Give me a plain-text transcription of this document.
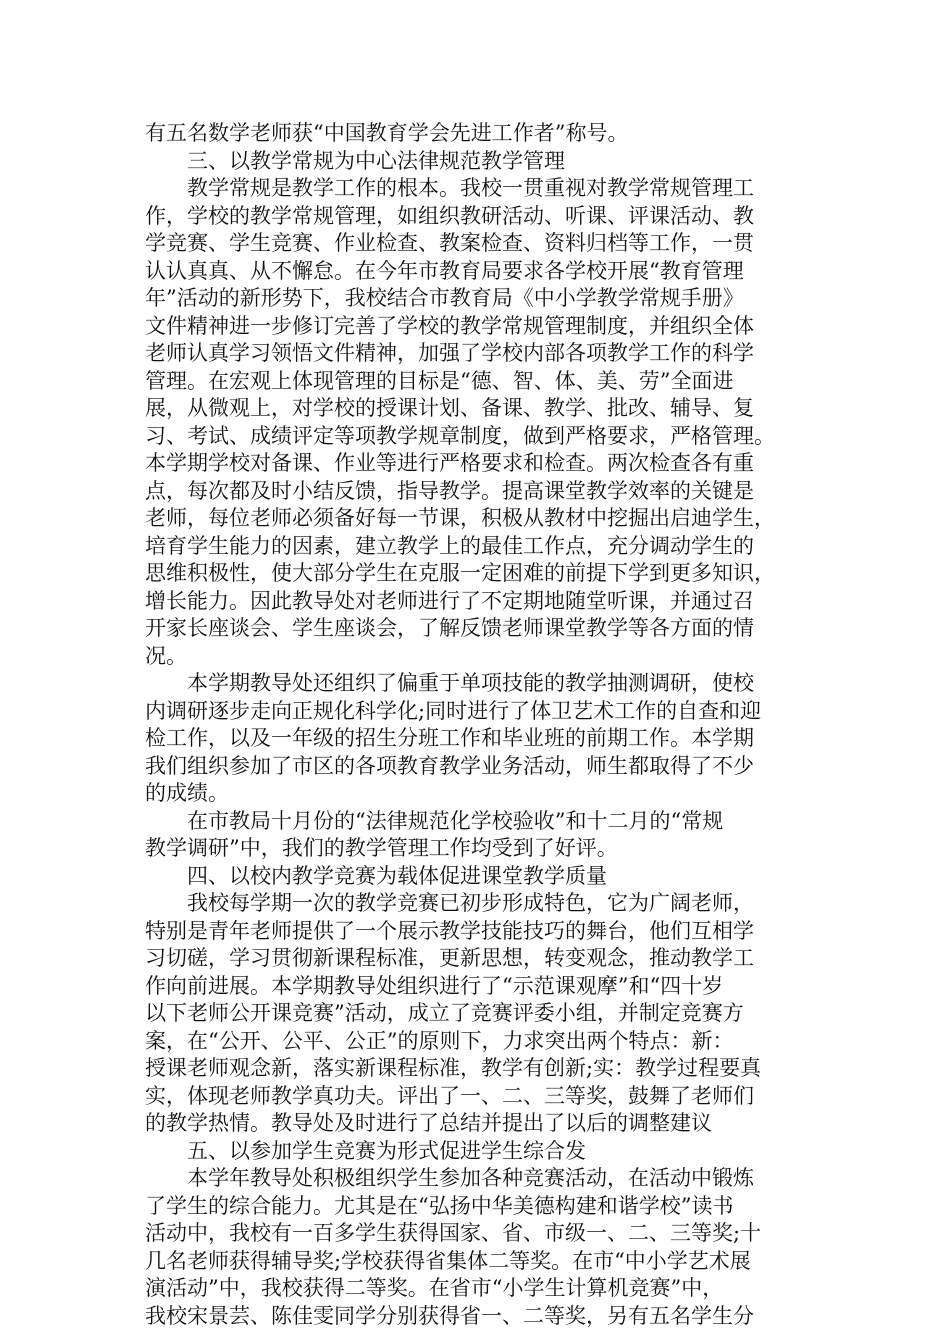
有五名数学老师获“中国教育学会先进工作者”称号。
三、以教学常规为中心法律规范教学管理
教学常规是教学工作的根本。我校一贯重视对教学常规管理工
作，学校的教学常规管理，如组织教研活动、听课、评课活动、教
学竞赛、学生竞赛、作业检查、教案检查、资料归档等工作，一贯
认认真真、从不懈怠。在今年市教育局要求各学校开展“教育管理
年”活动的新形势下，我校结合市教育局《中小学教学常规手册》
文件精神进一步修订完善了学校的教学常规管理制度，并组织全体
老师认真学习领悟文件精神，加强了学校内部各项教学工作的科学
管理。在宏观上体现管理的目标是“德、智、体、美、劳”全面进
展，从微观上，对学校的授课计划、备课、教学、批改、辅导、复
习、考试、成绩评定等项教学规章制度，做到严格要求，严格管理。
本学期学校对备课、作业等进行严格要求和检查。两次检查各有重
点，每次都及时小结反馈，指导教学。提高课堂教学效率的关键是
老师，每位老师必须备好每一节课，积极从教材中挖掘出启迪学生，
培育学生能力的因素，建立教学上的最佳工作点，充分调动学生的
思维积极性，使大部分学生在克服一定困难的前提下学到更多知识，
增长能力。因此教导处对老师进行了不定期地随堂听课，并通过召
开家长座谈会、学生座谈会，了解反馈老师课堂教学等各方面的情
况。
本学期教导处还组织了偏重于单项技能的教学抽测调研，使校
内调研逐步走向正规化科学化;同时进行了体卫艺术工作的自查和迎
检工作，以及一年级的招生分班工作和毕业班的前期工作。本学期
我们组织参加了市区的各项教育教学业务活动，师生都取得了不少
的成绩。
在市教局十月份的“法律规范化学校验收”和十二月的“常规
教学调研”中，我们的教学管理工作均受到了好评。
四、以校内教学竞赛为载体促进课堂教学质量
我校每学期一次的教学竞赛已初步形成特色，它为广阔老师，
特别是青年老师提供了一个展示教学技能技巧的舞台，他们互相学
习切磋，学习贯彻新课程标准，更新思想，转变观念，推动教学工
作向前进展。本学期教导处组织进行了“示范课观摩”和“四十岁
以下老师公开课竞赛”活动，成立了竞赛评委小组，并制定竞赛方
案，在“公开、公平、公正”的原则下，力求突出两个特点：新：
授课老师观念新，落实新课程标准，教学有创新;实：教学过程要真
实，体现老师教学真功夫。评出了一、二、三等奖，鼓舞了老师们
的教学热情。教导处及时进行了总结并提出了以后的调整建议
五、以参加学生竞赛为形式促进学生综合发
本学年教导处积极组织学生参加各种竞赛活动，在活动中锻炼
了学生的综合能力。尤其是在“弘扬中华美德构建和谐学校”读书
活动中，我校有一百多学生获得国家、省、市级一、二、三等奖;十
几名老师获得辅导奖;学校获得省集体二等奖。在市“中小学艺术展
演活动”中，我校获得二等奖。在省市“小学生计算机竞赛”中，
我校宋景芸、陈佳雯同学分别获得省一、二等奖，另有五名学生分
